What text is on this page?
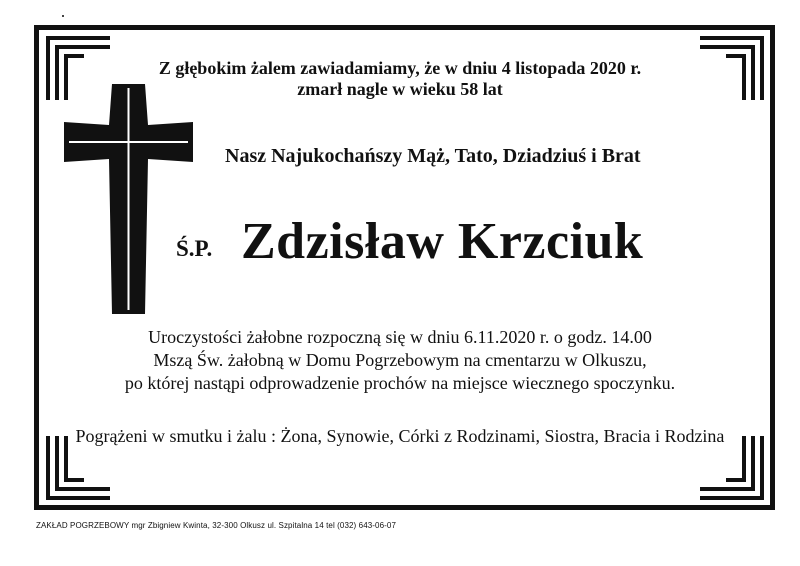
Z głębokim żalem zawiadamiamy, że w dniu 4 listopada 2020 r.
zmarł nagle w wieku 58 lat
Nasz Najukochańszy Mąż, Tato, Dziadziuś i Brat
Ś.P. Zdzisław Krzciuk
Uroczystości żałobne rozpoczną się w dniu 6.11.2020 r. o godz. 14.00
Mszą Św. żałobną w Domu Pogrzebowym na cmentarzu w Olkuszu,
po której nastąpi odprowadzenie prochów na miejsce wiecznego spoczynku.
Pogrążeni w smutku i żalu : Żona, Synowie, Córki z Rodzinami, Siostra, Bracia i Rodzina
ZAKŁAD POGRZEBOWY mgr Zbigniew Kwinta, 32-300 Olkusz ul. Szpitalna 14 tel (032) 643-06-07
